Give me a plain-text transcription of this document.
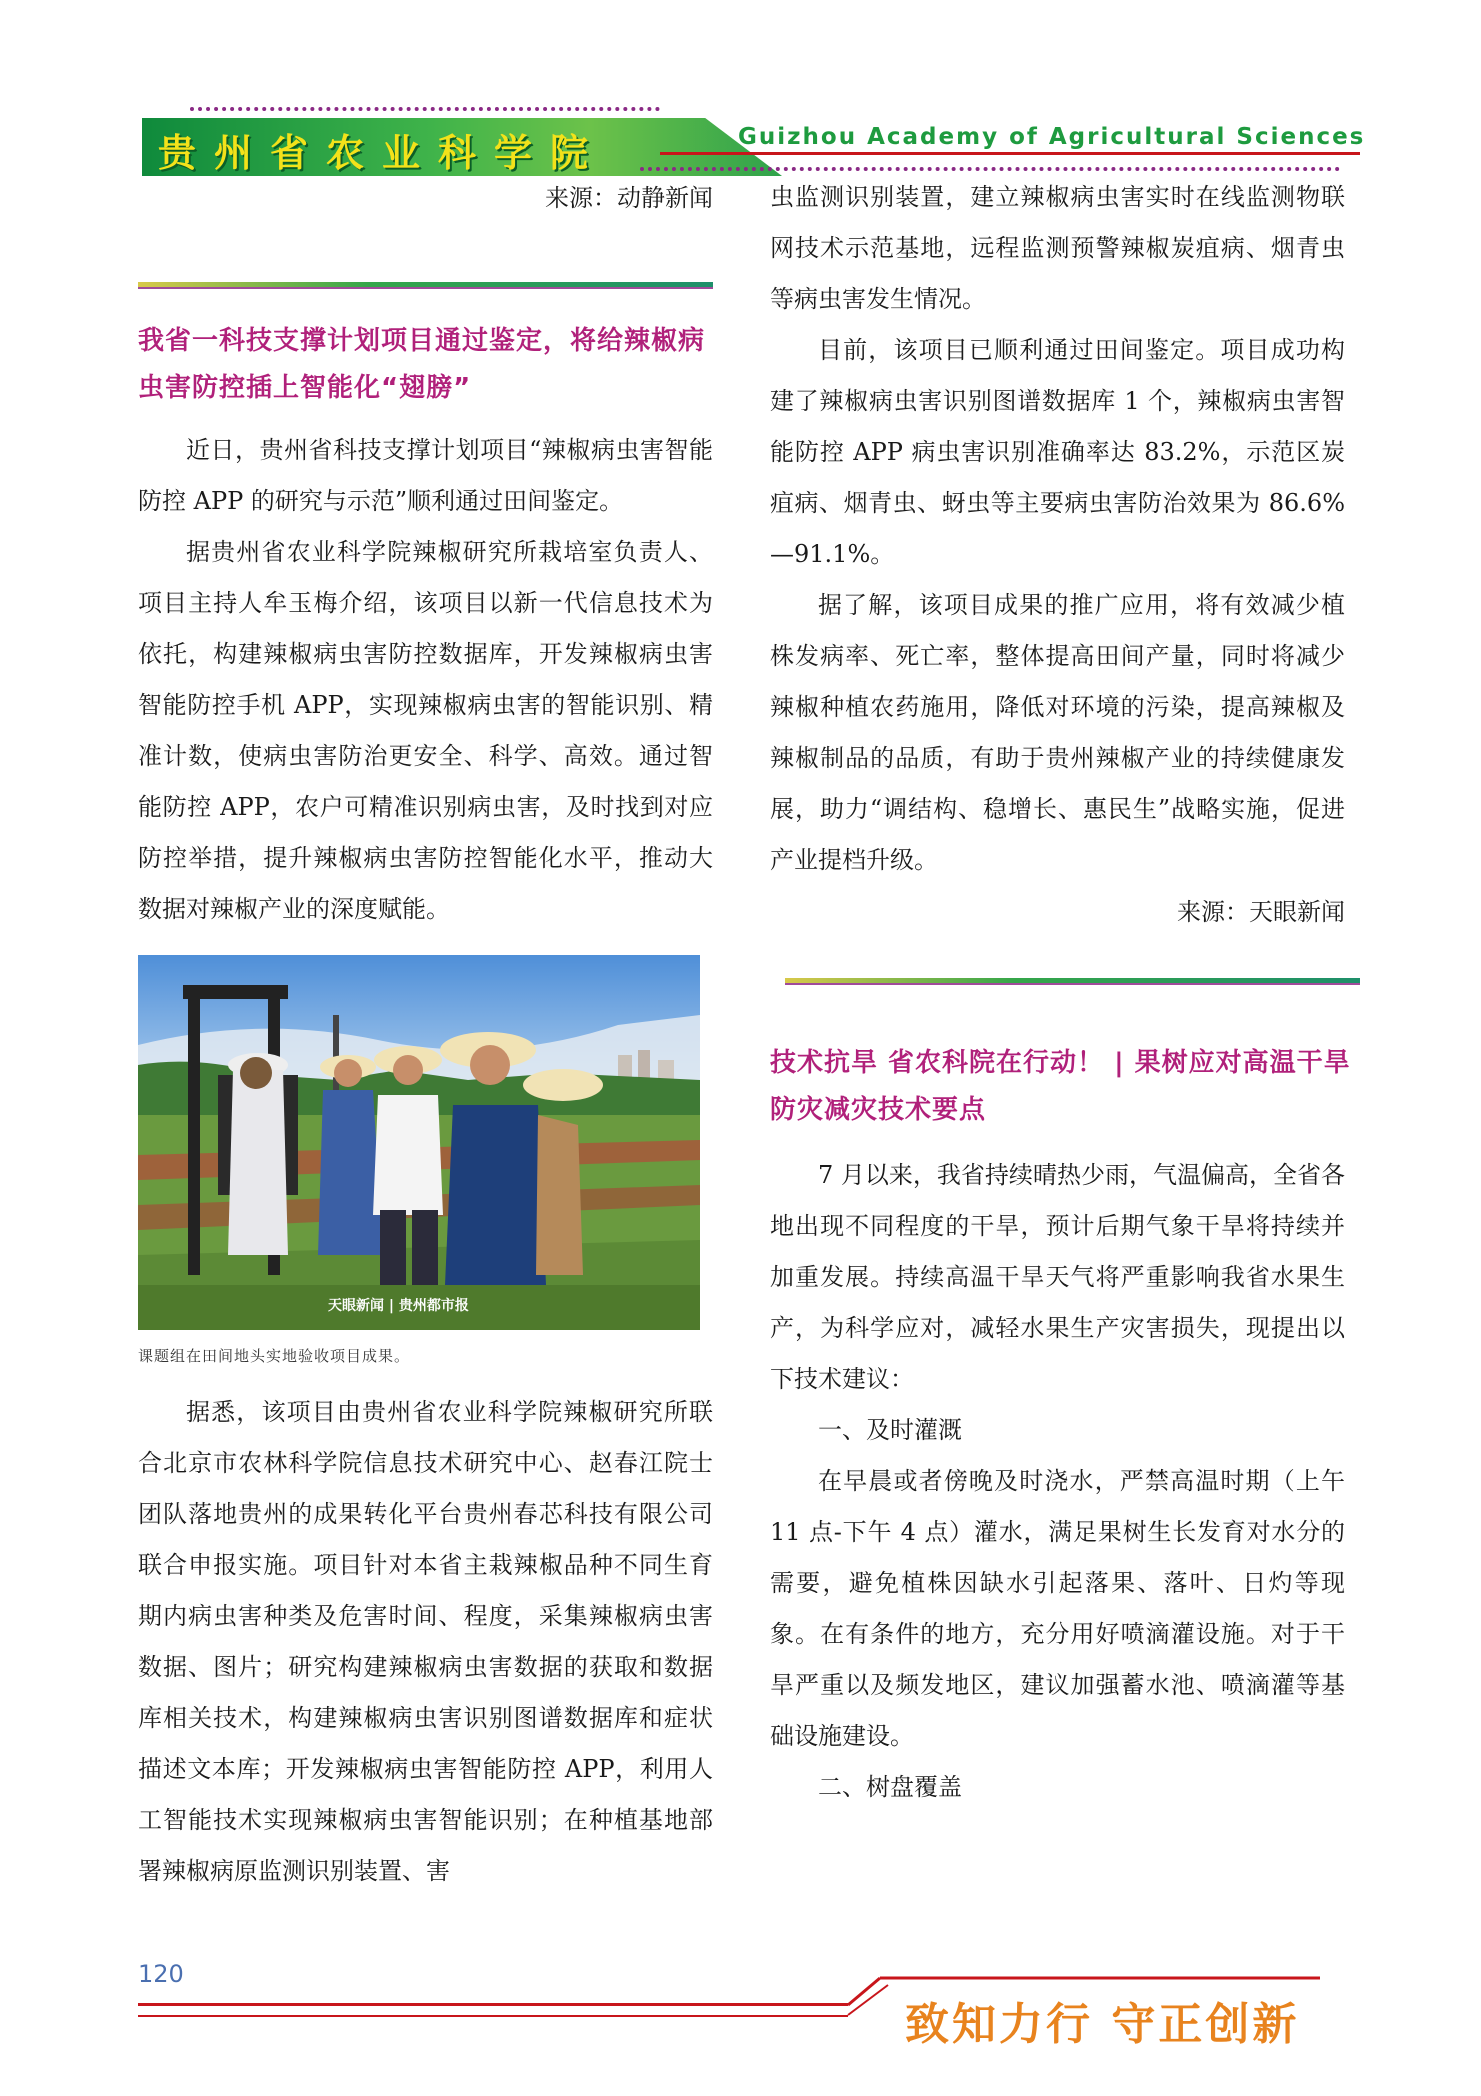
贵州省农业科学院	Guizhou Academy of Agricultural Sciences
来源：动静新闻
我省一科技支撑计划项目通过鉴定，将给辣椒病虫害防控插上智能化“翅膀”

近日，贵州省科技支撑计划项目“辣椒病虫害智能防控 APP 的研究与示范”顺利通过田间鉴定。

据贵州省农业科学院辣椒研究所栽培室负责人、项目主持人牟玉梅介绍，该项目以新一代信息技术为依托，构建辣椒病虫害防控数据库，开发辣椒病虫害智能防控手机 APP，实现辣椒病虫害的智能识别、精准计数，使病虫害防治更安全、科学、高效。通过智能防控 APP，农户可精准识别病虫害，及时找到对应防控举措，提升辣椒病虫害防控智能化水平，推动大数据对辣椒产业的深度赋能。

天眼新闻 | 贵州都市报
课题组在田间地头实地验收项目成果。

据悉，该项目由贵州省农业科学院辣椒研究所联合北京市农林科学院信息技术研究中心、赵春江院士团队落地贵州的成果转化平台贵州春芯科技有限公司联合申报实施。项目针对本省主栽辣椒品种不同生育期内病虫害种类及危害时间、程度，采集辣椒病虫害数据、图片；研究构建辣椒病虫害数据的获取和数据库相关技术，构建辣椒病虫害识别图谱数据库和症状描述文本库；开发辣椒病虫害智能防控 APP，利用人工智能技术实现辣椒病虫害智能识别；在种植基地部署辣椒病原监测识别装置、害

虫监测识别装置，建立辣椒病虫害实时在线监测物联网技术示范基地，远程监测预警辣椒炭疽病、烟青虫等病虫害发生情况。

目前，该项目已顺利通过田间鉴定。项目成功构建了辣椒病虫害识别图谱数据库 1 个，辣椒病虫害智能防控 APP 病虫害识别准确率达 83.2%，示范区炭疽病、烟青虫、蚜虫等主要病虫害防治效果为 86.6%—91.1%。

据了解，该项目成果的推广应用，将有效减少植株发病率、死亡率，整体提高田间产量，同时将减少辣椒种植农药施用，降低对环境的污染，提高辣椒及辣椒制品的品质，有助于贵州辣椒产业的持续健康发展，助力“调结构、稳增长、惠民生”战略实施，促进产业提档升级。

来源：天眼新闻
技术抗旱 省农科院在行动！ | 果树应对高温干旱防灾减灾技术要点

7 月以来，我省持续晴热少雨，气温偏高，全省各地出现不同程度的干旱，预计后期气象干旱将持续并加重发展。持续高温干旱天气将严重影响我省水果生产，为科学应对，减轻水果生产灾害损失，现提出以下技术建议：

一、及时灌溉

在早晨或者傍晚及时浇水，严禁高温时期（上午 11 点-下午 4 点）灌水，满足果树生长发育对水分的需要，避免植株因缺水引起落果、落叶、日灼等现象。在有条件的地方，充分用好喷滴灌设施。对于干旱严重以及频发地区，建议加强蓄水池、喷滴灌等基础设施建设。

二、树盘覆盖

120
致知力行 守正创新
